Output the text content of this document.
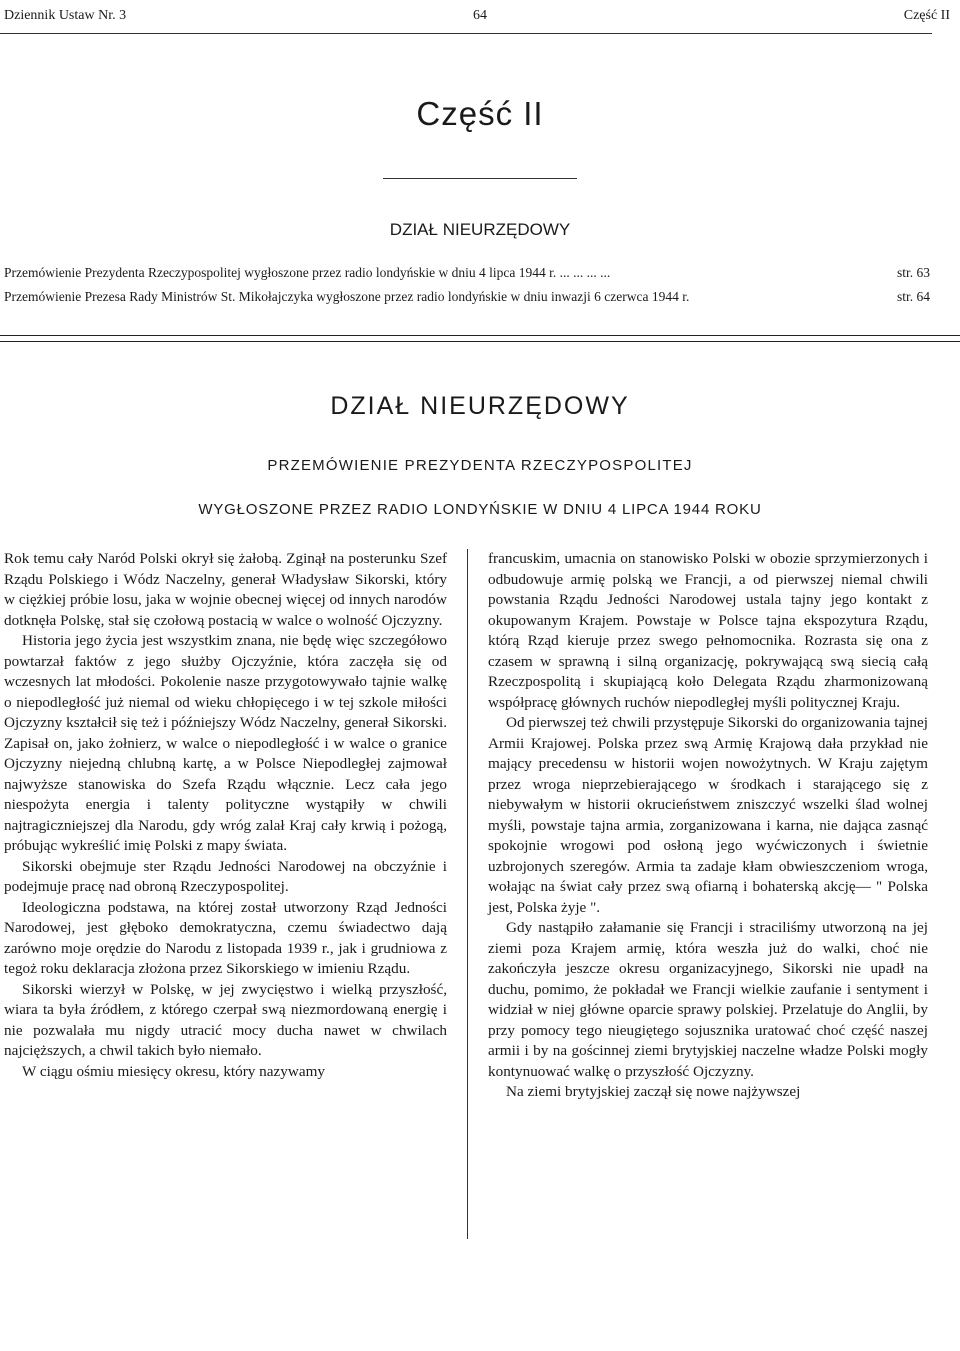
Dziennik Ustaw Nr. 3	64	Część II
Część II
DZIAŁ NIEURZĘDOWY
Przemówienie Prezydenta Rzeczypospolitej wygłoszone przez radio londyńskie w dniu 4 lipca 1944 r. ... ... ... ...	str. 63
Przemówienie Prezesa Rady Ministrów St. Mikołajczyka wygłoszone przez radio londyńskie w dniu inwazji 6 czerwca 1944 r.	str. 64
DZIAŁ NIEURZĘDOWY
PRZEMÓWIENIE PREZYDENTA RZECZYPOSPOLITEJ
WYGŁOSZONE PRZEZ RADIO LONDYŃSKIE W DNIU 4 LIPCA 1944 ROKU

Rok temu cały Naród Polski okrył się żałobą. Zginął na posterunku Szef Rządu Polskiego i Wódz Naczelny, generał Władysław Sikorski, który w ciężkiej próbie losu, jaka w wojnie obecnej więcej od innych narodów dotknęła Polskę, stał się czołową postacią w walce o wolność Ojczyzny.

Historia jego życia jest wszystkim znana, nie będę więc szczegółowo powtarzał faktów z jego służby Ojczyźnie, która zaczęła się od wczesnych lat młodości. Pokolenie nasze przygotowywało tajnie walkę o niepodległość już niemal od wieku chłopięcego i w tej szkole miłości Ojczyzny kształcił się też i późniejszy Wódz Naczelny, generał Sikorski. Zapisał on, jako żołnierz, w walce o niepodległość i w walce o granice Ojczyzny niejedną chlubną kartę, a w Polsce Niepodległej zajmował najwyższe stanowiska do Szefa Rządu włącznie. Lecz cała jego niespożyta energia i talenty polityczne wystąpiły w chwili najtragiczniejszej dla Narodu, gdy wróg zalał Kraj cały krwią i pożogą, próbując wykreślić imię Polski z mapy świata.

Sikorski obejmuje ster Rządu Jedności Narodowej na obczyźnie i podejmuje pracę nad obroną Rzeczypospolitej.

Ideologiczna podstawa, na której został utworzony Rząd Jedności Narodowej, jest głęboko demokratyczna, czemu świadectwo dają zarówno moje orędzie do Narodu z listopada 1939 r., jak i grudniowa z tegoż roku deklaracja złożona przez Sikorskiego w imieniu Rządu.

Sikorski wierzył w Polskę, w jej zwycięstwo i wielką przyszłość, wiara ta była źródłem, z którego czerpał swą niezmordowaną energię i nie pozwalała mu nigdy utracić mocy ducha nawet w chwilach najcięższych, a chwil takich było niemało.

W ciągu ośmiu miesięcy okresu, który nazywamy

francuskim, umacnia on stanowisko Polski w obozie sprzymierzonych i odbudowuje armię polską we Francji, a od pierwszej niemal chwili powstania Rządu Jedności Narodowej ustala tajny jego kontakt z okupowanym Krajem. Powstaje w Polsce tajna ekspozytura Rządu, którą Rząd kieruje przez swego pełnomocnika. Rozrasta się ona z czasem w sprawną i silną organizację, pokrywającą swą siecią całą Rzeczpospolitą i skupiającą koło Delegata Rządu zharmonizowaną współpracę głównych ruchów niepodległej myśli politycznej Kraju.

Od pierwszej też chwili przystępuje Sikorski do organizowania tajnej Armii Krajowej. Polska przez swą Armię Krajową dała przykład nie mający precedensu w historii wojen nowożytnych. W Kraju zajętym przez wroga nieprzebierającego w środkach i starającego się z niebywałym w historii okrucieństwem zniszczyć wszelki ślad wolnej myśli, powstaje tajna armia, zorganizowana i karna, nie dająca zasnąć spokojnie wrogowi pod osłoną jego wyćwiczonych i świetnie uzbrojonych szeregów. Armia ta zadaje kłam obwieszczeniom wroga, wołając na świat cały przez swą ofiarną i bohaterską akcję— " Polska jest, Polska żyje ".

Gdy nastąpiło załamanie się Francji i straciliśmy utworzoną na jej ziemi poza Krajem armię, która weszła już do walki, choć nie zakończyła jeszcze okresu organizacyjnego, Sikorski nie upadł na duchu, pomimo, że pokładał we Francji wielkie zaufanie i sentyment i widział w niej główne oparcie sprawy polskiej. Przelatuje do Anglii, by przy pomocy tego nieugiętego sojusznika uratować choć część naszej armii i by na gościnnej ziemi brytyjskiej naczelne władze Polski mogły kontynuować walkę o przyszłość Ojczyzny.

Na ziemi brytyjskiej zaczął się nowe najżywszej
